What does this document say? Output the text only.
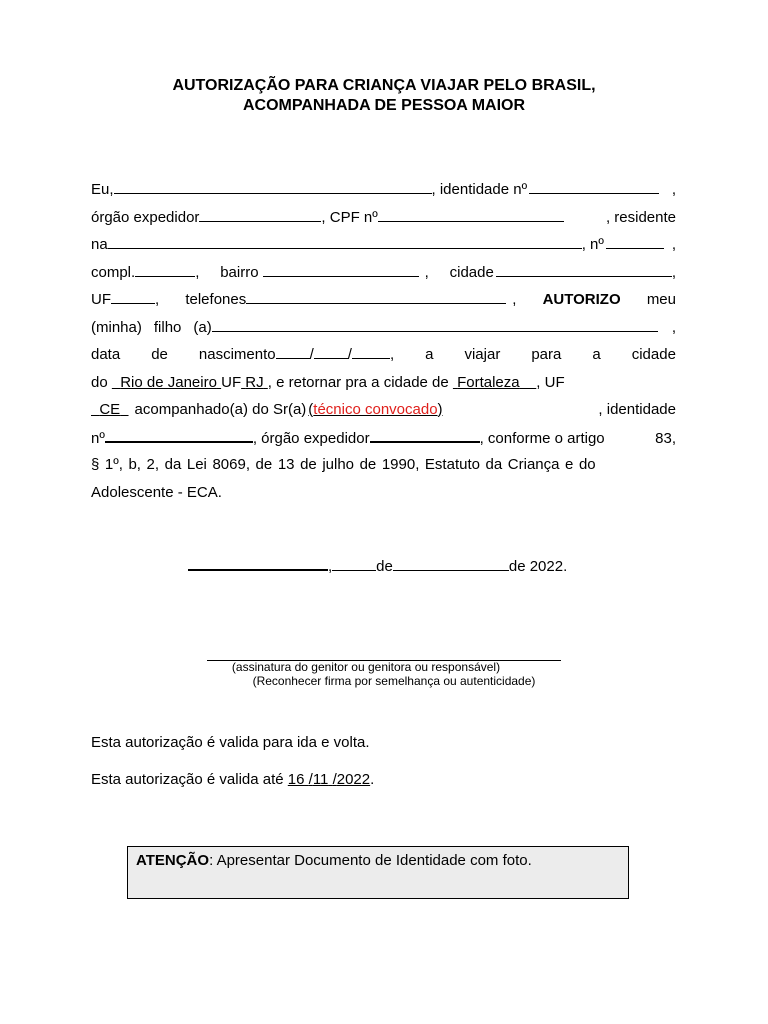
AUTORIZAÇÃO PARA CRIANÇA VIAJAR PELO BRASIL,
ACOMPANHADA DE PESSOA MAIOR
Eu,	, identidade nº	,
órgão expedidor	, CPF nº	, residente
na	, nº	,
compl.	, bairro	, cidade	,
UF	, telefones	, AUTORIZO meu
(minha) filho (a)	,
data de nascimento / /	, a viajar para a cidade
do Rio de Janeiro UF RJ , e retornar pra a cidade de Fortaleza , UF
CE acompanhado(a) do Sr(a) (técnico convocado)	, identidade
nº	, órgão expedidor	, conforme o artigo	83,
§ 1º, b, 2, da Lei 8069, de 13 de julho de 1990, Estatuto da Criança e do
Adolescente - ECA.
,	de	de 2022.
(assinatura do genitor ou genitora ou responsável)
(Reconhecer firma por semelhança ou autenticidade)
Esta autorização é valida para ida e volta.
Esta autorização é valida até 16 /11 /2022.
ATENÇÃO: Apresentar Documento de Identidade com foto.
